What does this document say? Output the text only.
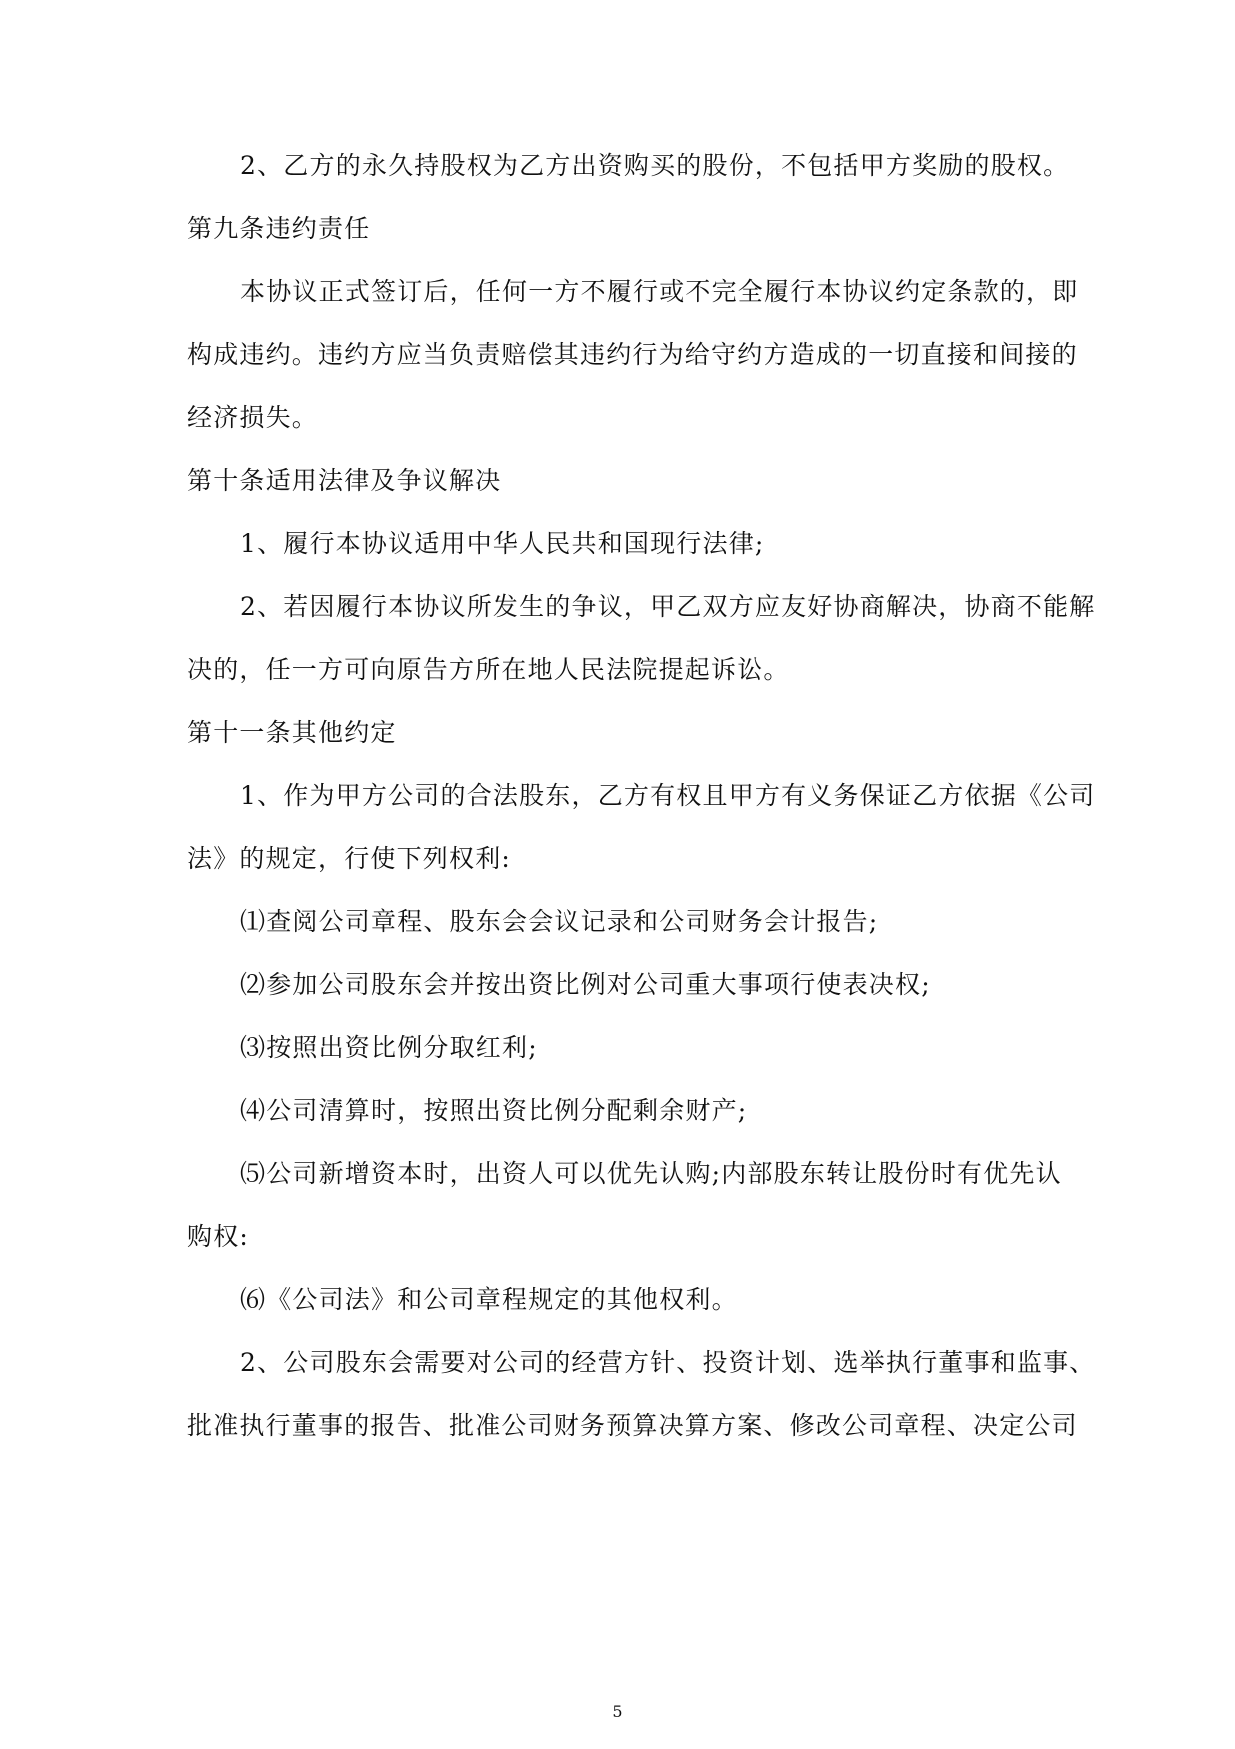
2、乙方的永久持股权为乙方出资购买的股份，不包括甲方奖励的股权。
第九条违约责任
本协议正式签订后，任何一方不履行或不完全履行本协议约定条款的，即
构成违约。违约方应当负责赔偿其违约行为给守约方造成的一切直接和间接的
经济损失。
第十条适用法律及争议解决
1、履行本协议适用中华人民共和国现行法律;
2、若因履行本协议所发生的争议，甲乙双方应友好协商解决，协商不能解
决的，任一方可向原告方所在地人民法院提起诉讼。
第十一条其他约定
1、作为甲方公司的合法股东，乙方有权且甲方有义务保证乙方依据《公司
法》的规定，行使下列权利:
⑴查阅公司章程、股东会会议记录和公司财务会计报告;
⑵参加公司股东会并按出资比例对公司重大事项行使表决权;
⑶按照出资比例分取红利;
⑷公司清算时，按照出资比例分配剩余财产;
⑸公司新增资本时，出资人可以优先认购;内部股东转让股份时有优先认
购权:
⑹《公司法》和公司章程规定的其他权利。
2、公司股东会需要对公司的经营方针、投资计划、选举执行董事和监事、
批准执行董事的报告、批准公司财务预算决算方案、修改公司章程、决定公司
5
